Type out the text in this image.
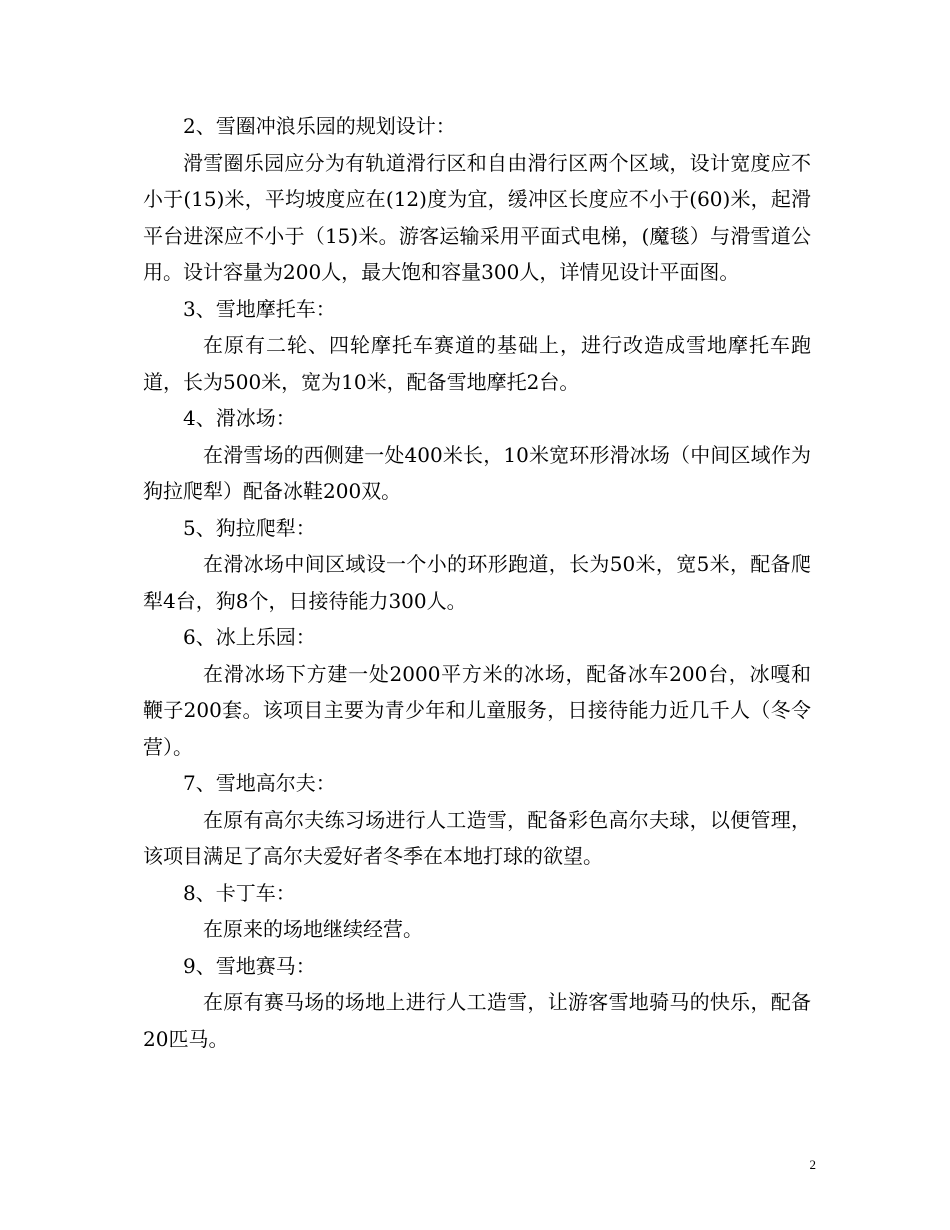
2、雪圈冲浪乐园的规划设计：

滑雪圈乐园应分为有轨道滑行区和自由滑行区两个区域，设计宽度应不小于(15)米，平均坡度应在(12)度为宜，缓冲区长度应不小于(60)米，起滑平台进深应不小于（15)米。游客运输采用平面式电梯，(魔毯）与滑雪道公用。设计容量为200人，最大饱和容量300人，详情见设计平面图。

3、雪地摩托车：

在原有二轮、四轮摩托车赛道的基础上，进行改造成雪地摩托车跑道，长为500米，宽为10米，配备雪地摩托2台。

4、滑冰场：

在滑雪场的西侧建一处400米长，10米宽环形滑冰场（中间区域作为狗拉爬犁）配备冰鞋200双。

5、狗拉爬犁：

在滑冰场中间区域设一个小的环形跑道，长为50米，宽5米，配备爬犁4台，狗8个，日接待能力300人。

6、冰上乐园：

在滑冰场下方建一处2000平方米的冰场，配备冰车200台，冰嘎和鞭子200套。该项目主要为青少年和儿童服务，日接待能力近几千人（冬令营）。

7、雪地高尔夫：

在原有高尔夫练习场进行人工造雪，配备彩色高尔夫球，以便管理，该项目满足了高尔夫爱好者冬季在本地打球的欲望。

8、卡丁车：

在原来的场地继续经营。

9、雪地赛马：

在原有赛马场的场地上进行人工造雪，让游客雪地骑马的快乐，配备20匹马。

2
